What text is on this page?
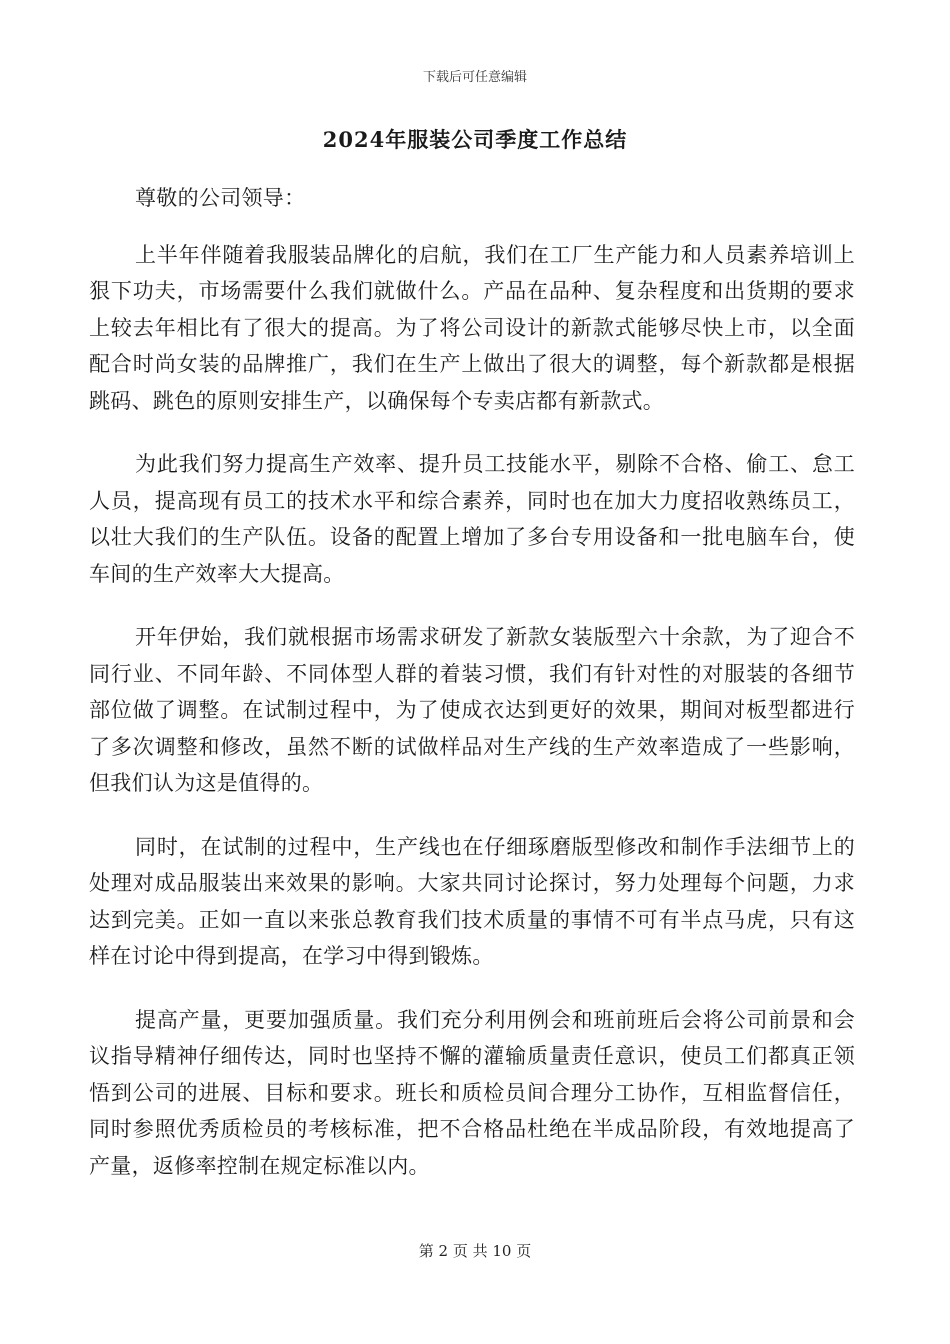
下载后可任意编辑
2024年服装公司季度工作总结

尊敬的公司领导：

上半年伴随着我服装品牌化的启航，我们在工厂生产能力和人员素养培训上狠下功夫，市场需要什么我们就做什么。产品在品种、复杂程度和出货期的要求上较去年相比有了很大的提高。为了将公司设计的新款式能够尽快上市，以全面配合时尚女装的品牌推广，我们在生产上做出了很大的调整，每个新款都是根据跳码、跳色的原则安排生产，以确保每个专卖店都有新款式。

为此我们努力提高生产效率、提升员工技能水平，剔除不合格、偷工、怠工人员，提高现有员工的技术水平和综合素养，同时也在加大力度招收熟练员工，以壮大我们的生产队伍。设备的配置上增加了多台专用设备和一批电脑车台，使车间的生产效率大大提高。

开年伊始，我们就根据市场需求研发了新款女装版型六十余款，为了迎合不同行业、不同年龄、不同体型人群的着装习惯，我们有针对性的对服装的各细节部位做了调整。在试制过程中，为了使成衣达到更好的效果，期间对板型都进行了多次调整和修改，虽然不断的试做样品对生产线的生产效率造成了一些影响，但我们认为这是值得的。

同时，在试制的过程中，生产线也在仔细琢磨版型修改和制作手法细节上的处理对成品服装出来效果的影响。大家共同讨论探讨，努力处理每个问题，力求达到完美。正如一直以来张总教育我们技术质量的事情不可有半点马虎，只有这样在讨论中得到提高，在学习中得到锻炼。

提高产量，更要加强质量。我们充分利用例会和班前班后会将公司前景和会议指导精神仔细传达，同时也坚持不懈的灌输质量责任意识，使员工们都真正领悟到公司的进展、目标和要求。班长和质检员间合理分工协作，互相监督信任，同时参照优秀质检员的考核标准，把不合格品杜绝在半成品阶段，有效地提高了产量，返修率控制在规定标准以内。

第 2 页 共 10 页
